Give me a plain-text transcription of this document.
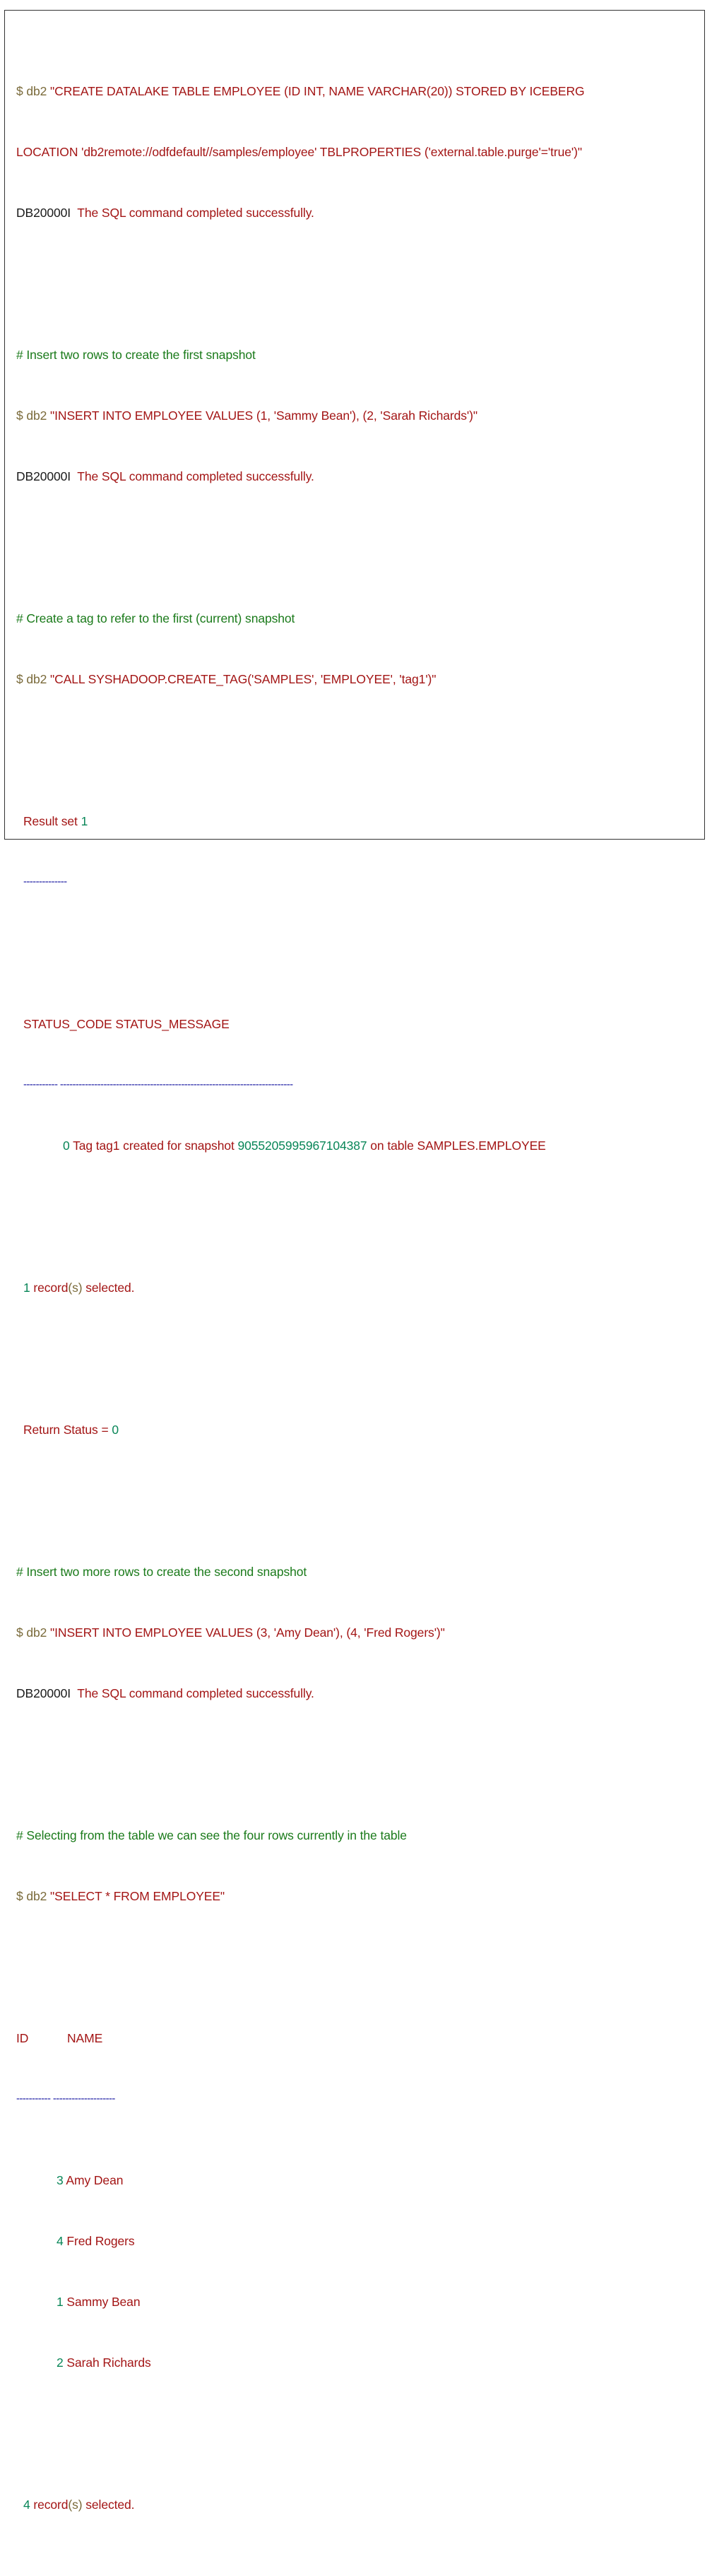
$ db2 "CREATE DATALAKE TABLE EMPLOYEE (ID INT, NAME VARCHAR(20)) STORED BY ICEBERG

LOCATION 'db2remote://odfdefault//samples/employee' TBLPROPERTIES ('external.table.purge'='true')"

DB20000I  The SQL command completed successfully.

# Insert two rows to create the first snapshot

$ db2 "INSERT INTO EMPLOYEE VALUES (1, 'Sammy Bean'), (2, 'Sarah Richards')"

DB20000I  The SQL command completed successfully.

# Create a tag to refer to the first (current) snapshot

$ db2 "CALL SYSHADOOP.CREATE_TAG('SAMPLES', 'EMPLOYEE', 'tag1')"

Result set 1

--------------

STATUS_CODE STATUS_MESSAGE

----------- ---------------------------------------------------------------------------

0 Tag tag1 created for snapshot 9055205995967104387 on table SAMPLES.EMPLOYEE

1 record(s) selected.

Return Status = 0

# Insert two more rows to create the second snapshot

$ db2 "INSERT INTO EMPLOYEE VALUES (3, 'Amy Dean'), (4, 'Fred Rogers')"

DB20000I  The SQL command completed successfully.

# Selecting from the table we can see the four rows currently in the table

$ db2 "SELECT * FROM EMPLOYEE"

ID	NAME

----------- --------------------

3 Amy Dean

4 Fred Rogers

1 Sammy Bean

2 Sarah Richards

4 record(s) selected.
